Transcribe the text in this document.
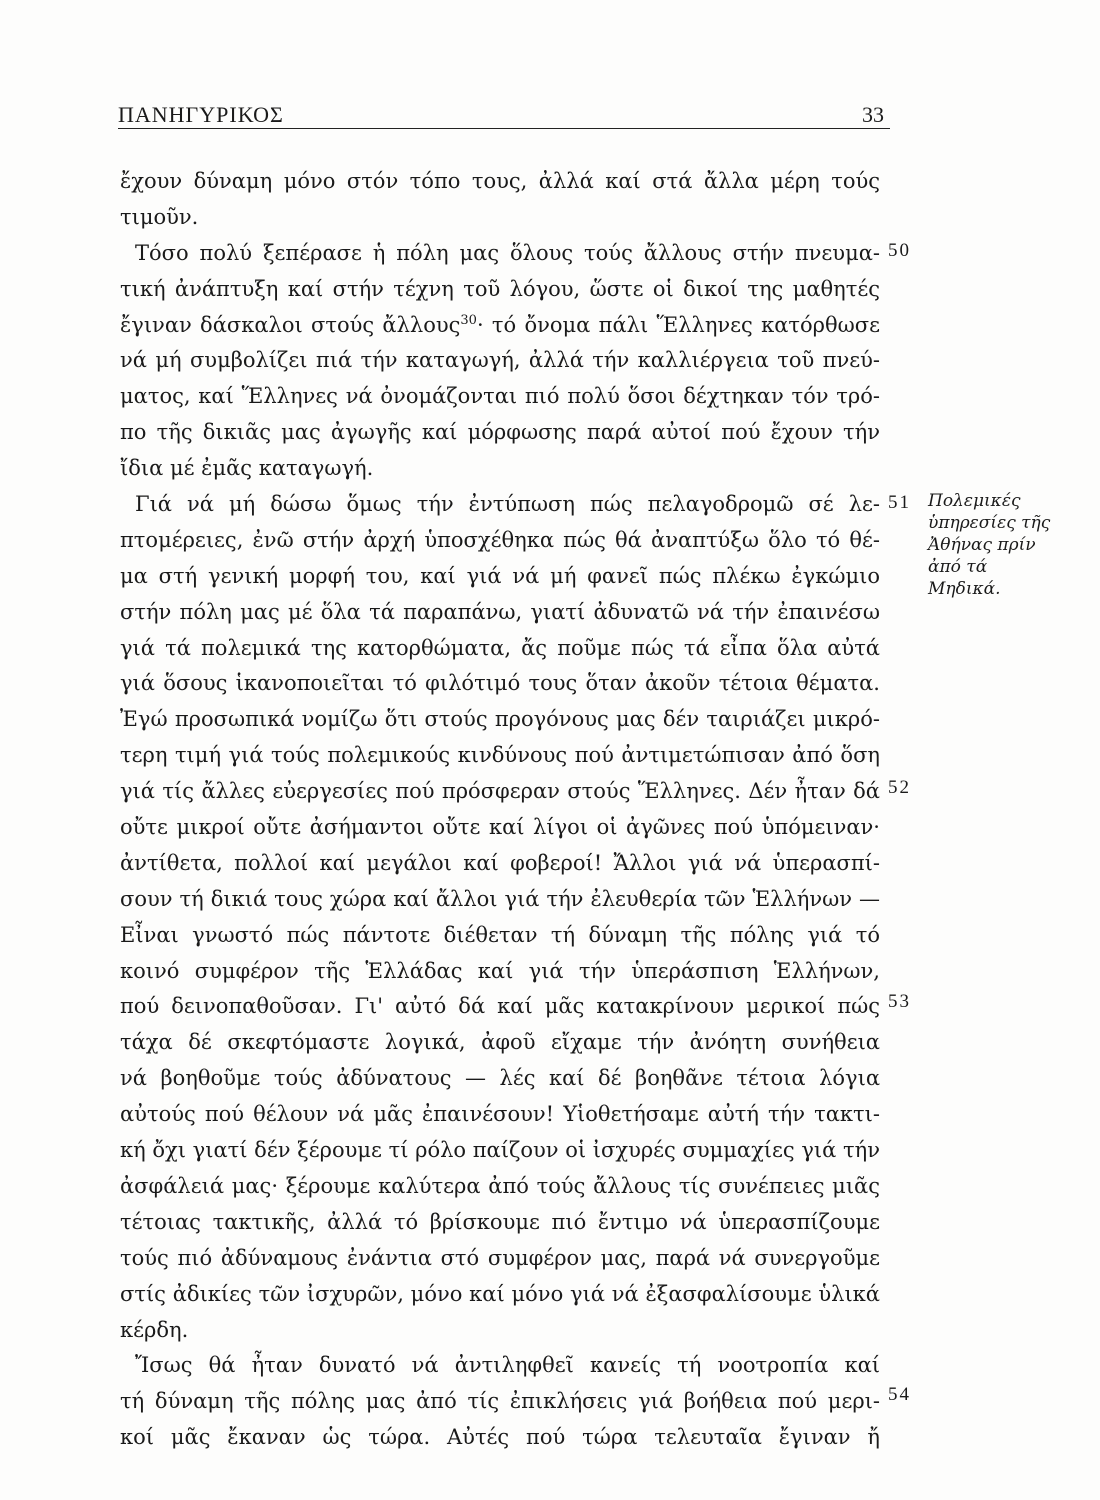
ΠΑΝΗΓΥΡΙΚΟΣ	33
ἔχουν δύναμη μόνο στόν τόπο τους, ἀλλά καί στά ἄλλα μέρη τούς
τιμοῦν.
Τόσο πολύ ξεπέρασε ἡ πόλη μας ὅλους τούς ἄλλους στήν πνευμα-
τική ἀνάπτυξη καί στήν τέχνη τοῦ λόγου, ὥστε οἱ δικοί της μαθητές
ἔγιναν δάσκαλοι στούς ἄλλους$^{30}$· τό ὄνομα πάλι Ἕλληνες κατόρθωσε
νά μή συμβολίζει πιά τήν καταγωγή, ἀλλά τήν καλλιέργεια τοῦ πνεύ-
ματος, καί Ἕλληνες νά ὀνομάζονται πιό πολύ ὅσοι δέχτηκαν τόν τρό-
πο τῆς δικιᾶς μας ἀγωγῆς καί μόρφωσης παρά αὐτοί πού ἔχουν τήν
ἴδια μέ ἐμᾶς καταγωγή.
Γιά νά μή δώσω ὅμως τήν ἐντύπωση πώς πελαγοδρομῶ σέ λε-
πτομέρειες, ἐνῶ στήν ἀρχή ὑποσχέθηκα πώς θά ἀναπτύξω ὅλο τό θέ-
μα στή γενική μορφή του, καί γιά νά μή φανεῖ πώς πλέκω ἐγκώμιο
στήν πόλη μας μέ ὅλα τά παραπάνω, γιατί ἀδυνατῶ νά τήν ἐπαινέσω
γιά τά πολεμικά της κατορθώματα, ἄς ποῦμε πώς τά εἶπα ὅλα αὐτά
γιά ὅσους ἱκανοποιεῖται τό φιλότιμό τους ὅταν ἀκοῦν τέτοια θέματα.
Ἐγώ προσωπικά νομίζω ὅτι στούς προγόνους μας δέν ταιριάζει μικρό-
τερη τιμή γιά τούς πολεμικούς κινδύνους πού ἀντιμετώπισαν ἀπό ὅση
γιά τίς ἄλλες εὐεργεσίες πού πρόσφεραν στούς Ἕλληνες. Δέν ἦταν δά
οὔτε μικροί οὔτε ἀσήμαντοι οὔτε καί λίγοι οἱ ἀγῶνες πού ὑπόμειναν·
ἀντίθετα, πολλοί καί μεγάλοι καί φοβεροί! Ἄλλοι γιά νά ὑπερασπί-
σουν τή δικιά τους χώρα καί ἄλλοι γιά τήν ἐλευθερία τῶν Ἑλλήνων —
Εἶναι γνωστό πώς πάντοτε διέθεταν τή δύναμη τῆς πόλης γιά τό
κοινό συμφέρον τῆς Ἑλλάδας καί γιά τήν ὑπεράσπιση Ἑλλήνων,
πού δεινοπαθοῦσαν. Γι' αὐτό δά καί μᾶς κατακρίνουν μερικοί πώς
τάχα δέ σκεφτόμαστε λογικά, ἀφοῦ εἴχαμε τήν ἀνόητη συνήθεια
νά βοηθοῦμε τούς ἀδύνατους — λές καί δέ βοηθᾶνε τέτοια λόγια
αὐτούς πού θέλουν νά μᾶς ἐπαινέσουν! Υἱοθετήσαμε αὐτή τήν τακτι-
κή ὄχι γιατί δέν ξέρουμε τί ρόλο παίζουν οἱ ἰσχυρές συμμαχίες γιά τήν
ἀσφάλειά μας· ξέρουμε καλύτερα ἀπό τούς ἄλλους τίς συνέπειες μιᾶς
τέτοιας τακτικῆς, ἀλλά τό βρίσκουμε πιό ἔντιμο νά ὑπερασπίζουμε
τούς πιό ἀδύναμους ἐνάντια στό συμφέρον μας, παρά νά συνεργοῦμε
στίς ἀδικίες τῶν ἰσχυρῶν, μόνο καί μόνο γιά νά ἐξασφαλίσουμε ὑλικά
κέρδη.
Ἴσως θά ἦταν δυνατό νά ἀντιληφθεῖ κανείς τή νοοτροπία καί
τή δύναμη τῆς πόλης μας ἀπό τίς ἐπικλήσεις γιά βοήθεια πού μερι-
κοί μᾶς ἔκαναν ὡς τώρα. Αὐτές πού τώρα τελευταῖα ἔγιναν ἤ
50
51
52
53
54
Πολεμικές
ὑπηρεσίες τῆς
Ἀθήνας πρίν
ἀπό τά
Μηδικά.
